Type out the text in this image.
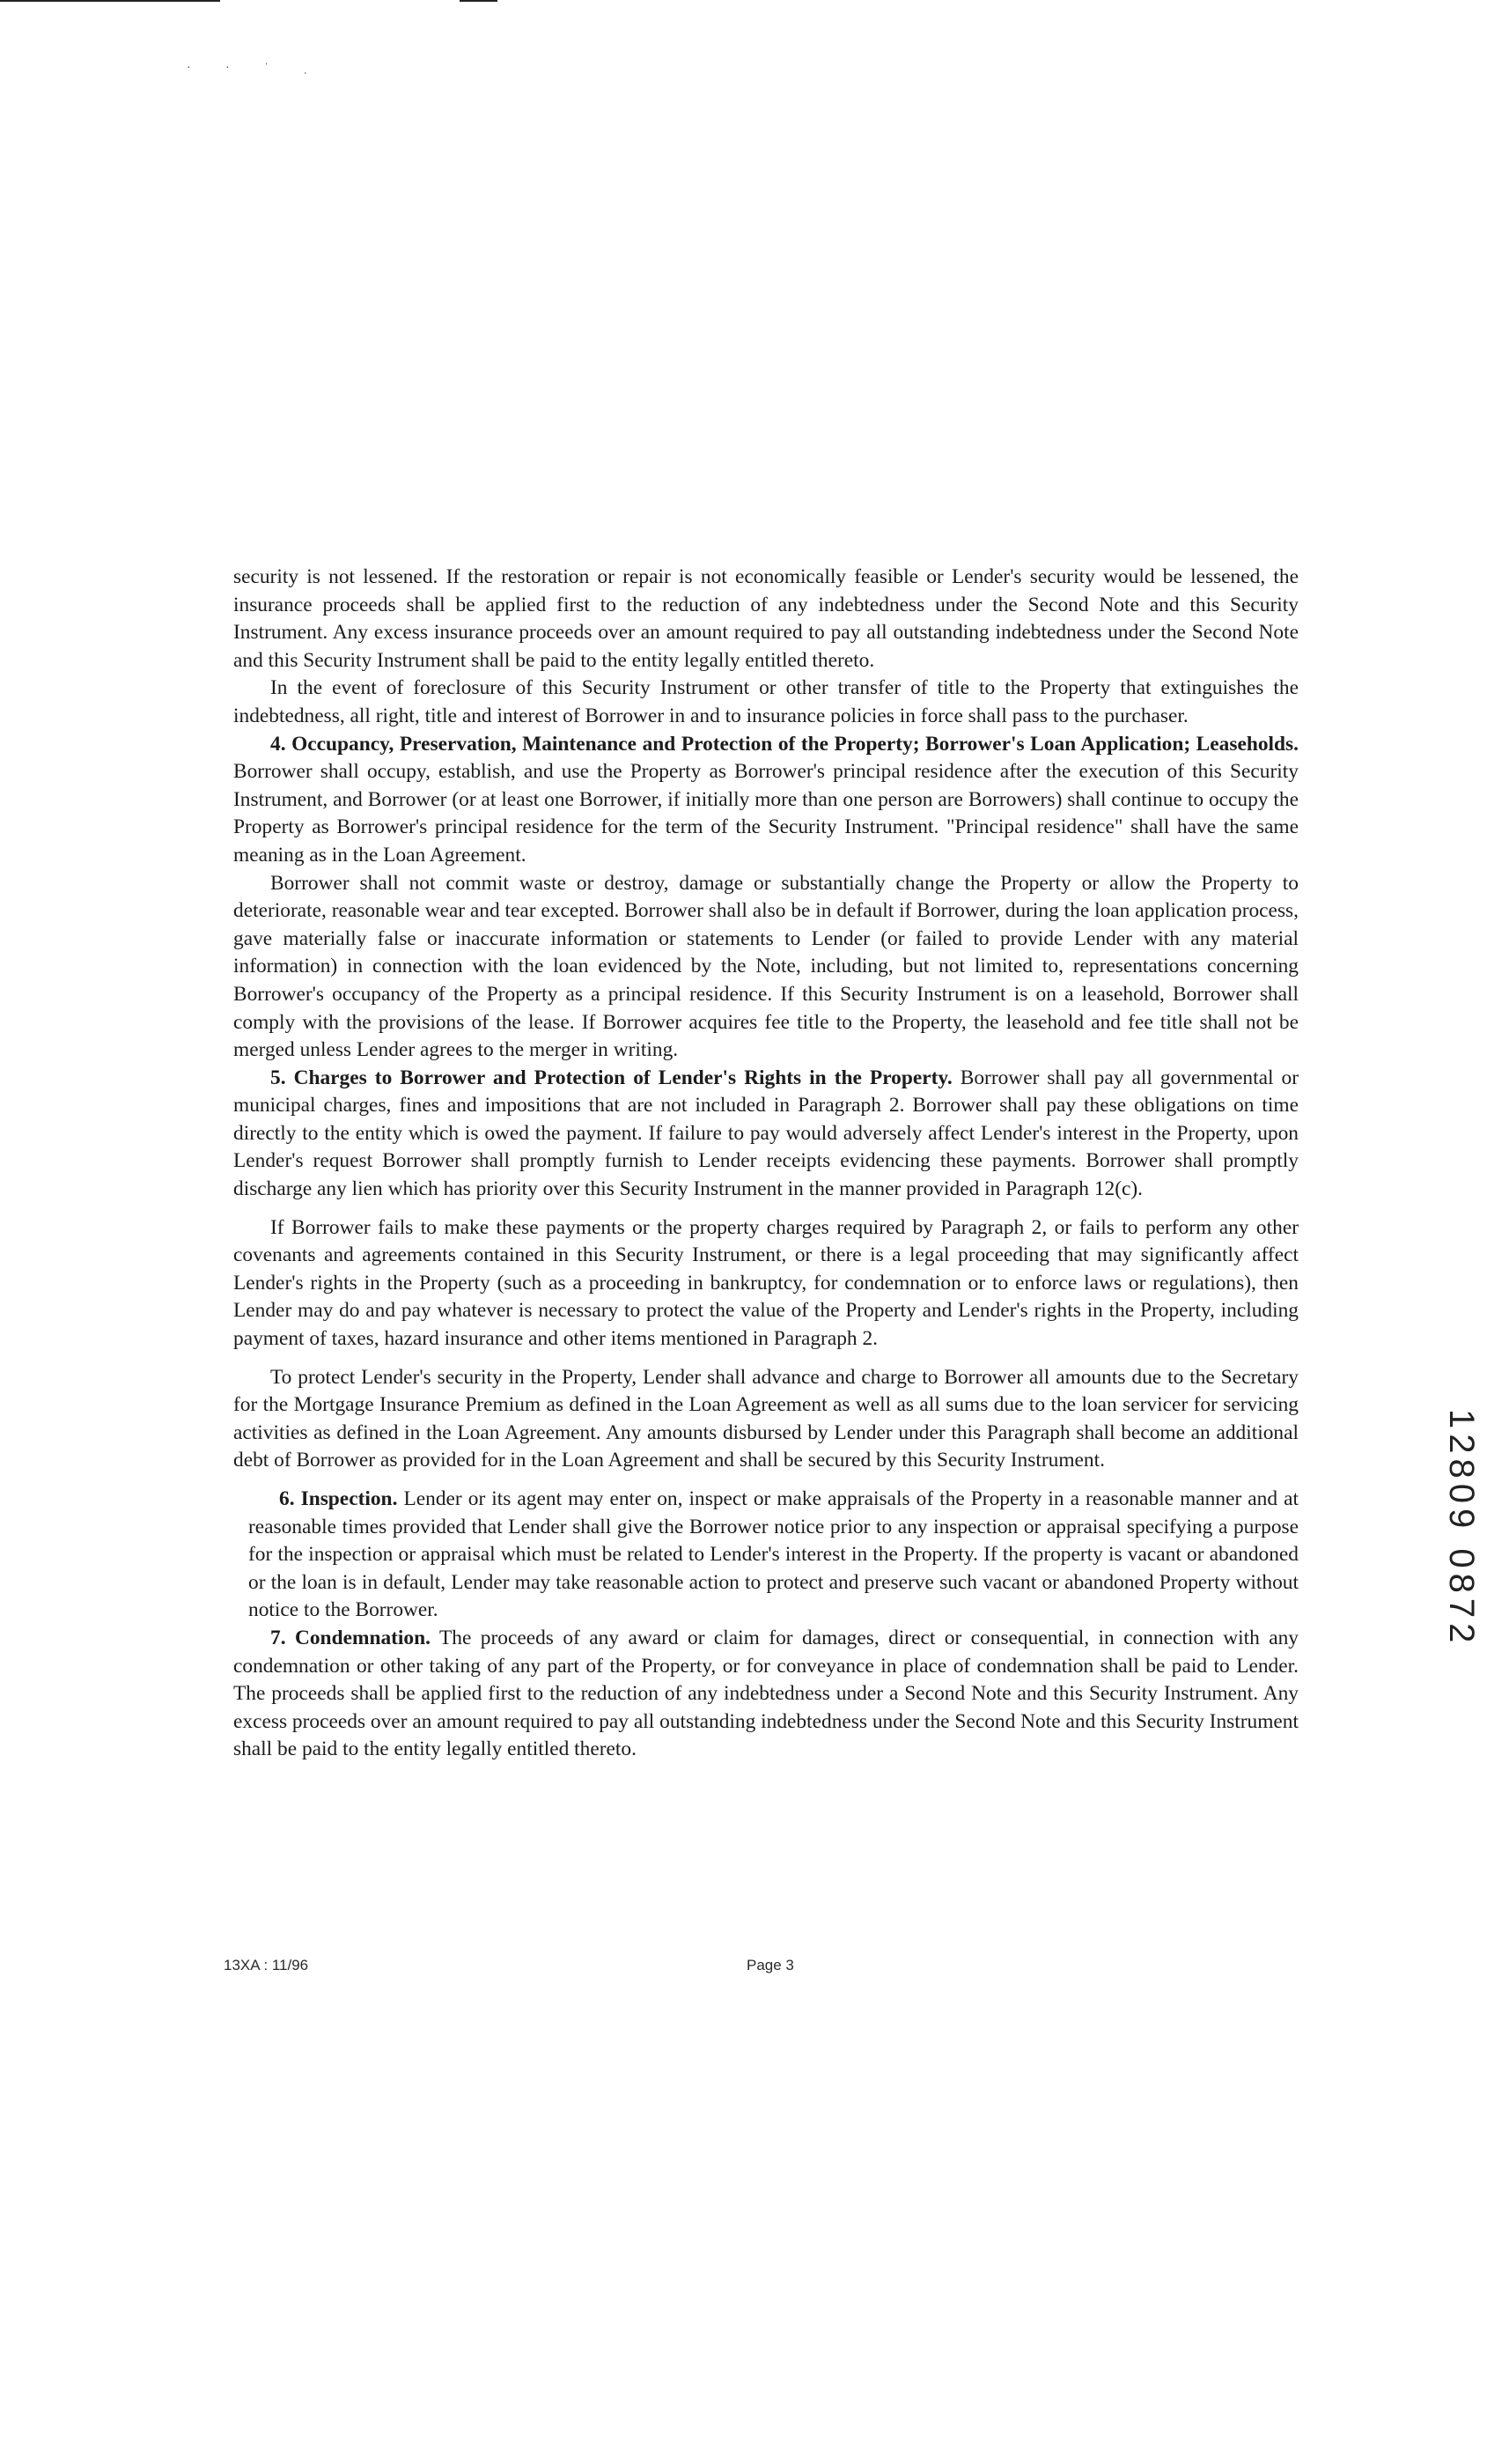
· · ˈ ˌ

security is not lessened. If the restoration or repair is not economically feasible or Lender's security would be lessened, the insurance proceeds shall be applied first to the reduction of any indebtedness under the Second Note and this Security Instrument. Any excess insurance proceeds over an amount required to pay all outstanding indebtedness under the Second Note and this Security Instrument shall be paid to the entity legally entitled thereto.

In the event of foreclosure of this Security Instrument or other transfer of title to the Property that extinguishes the indebtedness, all right, title and interest of Borrower in and to insurance policies in force shall pass to the purchaser.

4. Occupancy, Preservation, Maintenance and Protection of the Property; Borrower's Loan Application; Leaseholds. Borrower shall occupy, establish, and use the Property as Borrower's principal residence after the execution of this Security Instrument, and Borrower (or at least one Borrower, if initially more than one person are Borrowers) shall continue to occupy the Property as Borrower's principal residence for the term of the Security Instrument. "Principal residence" shall have the same meaning as in the Loan Agreement.

Borrower shall not commit waste or destroy, damage or substantially change the Property or allow the Property to deteriorate, reasonable wear and tear excepted. Borrower shall also be in default if Borrower, during the loan application process, gave materially false or inaccurate information or statements to Lender (or failed to provide Lender with any material information) in connection with the loan evidenced by the Note, including, but not limited to, representations concerning Borrower's occupancy of the Property as a principal residence. If this Security Instrument is on a leasehold, Borrower shall comply with the provisions of the lease. If Borrower acquires fee title to the Property, the leasehold and fee title shall not be merged unless Lender agrees to the merger in writing.

5. Charges to Borrower and Protection of Lender's Rights in the Property. Borrower shall pay all governmental or municipal charges, fines and impositions that are not included in Paragraph 2. Borrower shall pay these obligations on time directly to the entity which is owed the payment. If failure to pay would adversely affect Lender's interest in the Property, upon Lender's request Borrower shall promptly furnish to Lender receipts evidencing these payments. Borrower shall promptly discharge any lien which has priority over this Security Instrument in the manner provided in Paragraph 12(c).

If Borrower fails to make these payments or the property charges required by Paragraph 2, or fails to perform any other covenants and agreements contained in this Security Instrument, or there is a legal proceeding that may significantly affect Lender's rights in the Property (such as a proceeding in bankruptcy, for condemnation or to enforce laws or regulations), then Lender may do and pay whatever is necessary to protect the value of the Property and Lender's rights in the Property, including payment of taxes, hazard insurance and other items mentioned in Paragraph 2.

To protect Lender's security in the Property, Lender shall advance and charge to Borrower all amounts due to the Secretary for the Mortgage Insurance Premium as defined in the Loan Agreement as well as all sums due to the loan servicer for servicing activities as defined in the Loan Agreement. Any amounts disbursed by Lender under this Paragraph shall become an additional debt of Borrower as provided for in the Loan Agreement and shall be secured by this Security Instrument.

6. Inspection. Lender or its agent may enter on, inspect or make appraisals of the Property in a reasonable manner and at reasonable times provided that Lender shall give the Borrower notice prior to any inspection or appraisal specifying a purpose for the inspection or appraisal which must be related to Lender's interest in the Property. If the property is vacant or abandoned or the loan is in default, Lender may take reasonable action to protect and preserve such vacant or abandoned Property without notice to the Borrower.

7. Condemnation. The proceeds of any award or claim for damages, direct or consequential, in connection with any condemnation or other taking of any part of the Property, or for conveyance in place of condemnation shall be paid to Lender. The proceeds shall be applied first to the reduction of any indebtedness under a Second Note and this Security Instrument. Any excess proceeds over an amount required to pay all outstanding indebtedness under the Second Note and this Security Instrument shall be paid to the entity legally entitled thereto.

13XA : 11/96	Page 3
12809 0872
